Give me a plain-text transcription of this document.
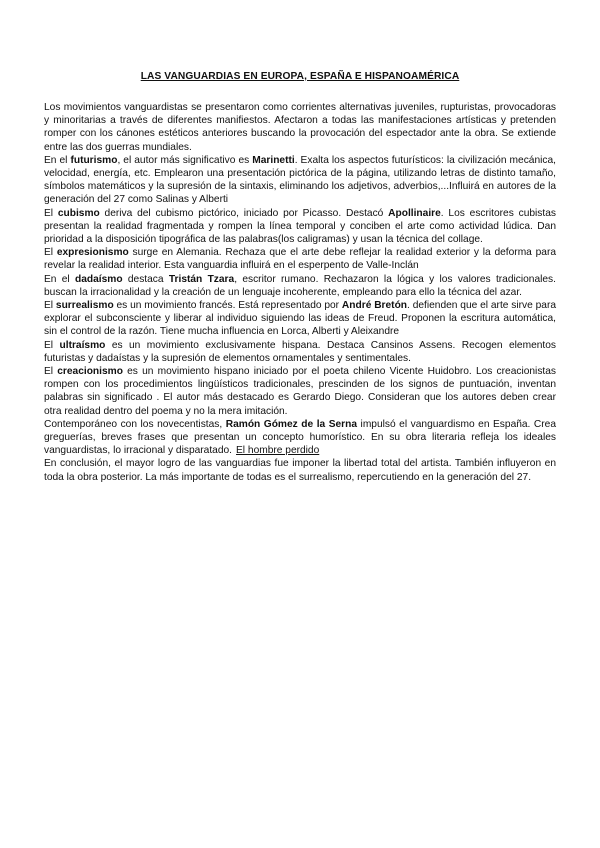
LAS VANGUARDIAS EN EUROPA, ESPAÑA E HISPANOAMÉRICA

Los movimientos vanguardistas se presentaron como corrientes alternativas juveniles, rupturistas, provocadoras y minoritarias a través de diferentes manifiestos. Afectaron a todas las manifestaciones artísticas y pretenden romper con los cánones estéticos anteriores buscando la provocación del espectador ante la obra. Se extiende entre las dos guerras mundiales.

En el futurismo, el autor más significativo es Marinetti. Exalta los aspectos futurísticos: la civilización mecánica, velocidad, energía, etc. Emplearon una presentación pictórica de la página, utilizando letras de distinto tamaño, símbolos matemáticos y la supresión de la sintaxis, eliminando los adjetivos, adverbios,...Influirá en autores de la generación del 27 como Salinas y Alberti

El cubismo deriva del cubismo pictórico, iniciado por Picasso. Destacó Apollinaire. Los escritores cubistas presentan la realidad fragmentada y rompen la línea temporal y conciben el arte como actividad lúdica. Dan prioridad a la disposición tipográfica de las palabras(los caligramas) y usan la técnica del collage.

El expresionismo surge en Alemania. Rechaza que el arte debe reflejar la realidad exterior y la deforma para revelar la realidad interior. Esta vanguardia influirá en el esperpento de Valle-Inclán

En el dadaísmo destaca Tristán Tzara, escritor rumano. Rechazaron la lógica y los valores tradicionales. buscan la irracionalidad y la creación de un lenguaje incoherente, empleando para ello la técnica del azar.

El surrealismo es un movimiento francés. Está representado por André Bretón. defienden que el arte sirve para explorar el subconsciente y liberar al individuo siguiendo las ideas de Freud. Proponen la escritura automática, sin el control de la razón. Tiene mucha influencia en Lorca, Alberti y Aleixandre

El ultraísmo es un movimiento exclusivamente hispana. Destaca Cansinos Assens. Recogen elementos futuristas y dadaístas y la supresión de elementos ornamentales y sentimentales.

El creacionismo es un movimiento hispano iniciado por el poeta chileno Vicente Huidobro. Los creacionistas rompen con los procedimientos lingüísticos tradicionales, prescinden de los signos de puntuación, inventan palabras sin significado . El autor más destacado es Gerardo Diego. Consideran que los autores deben crear otra realidad dentro del poema y no la mera imitación.

Contemporáneo con los novecentistas, Ramón Gómez de la Serna impulsó el vanguardismo en España. Crea greguerías, breves frases que presentan un concepto humorístico. En su obra literaria refleja los ideales vanguardistas, lo irracional y disparatado. El hombre perdido

En conclusión, el mayor logro de las vanguardias fue imponer la libertad total del artista. También influyeron en toda la obra posterior. La más importante de todas es el surrealismo, repercutiendo en la generación del 27.
